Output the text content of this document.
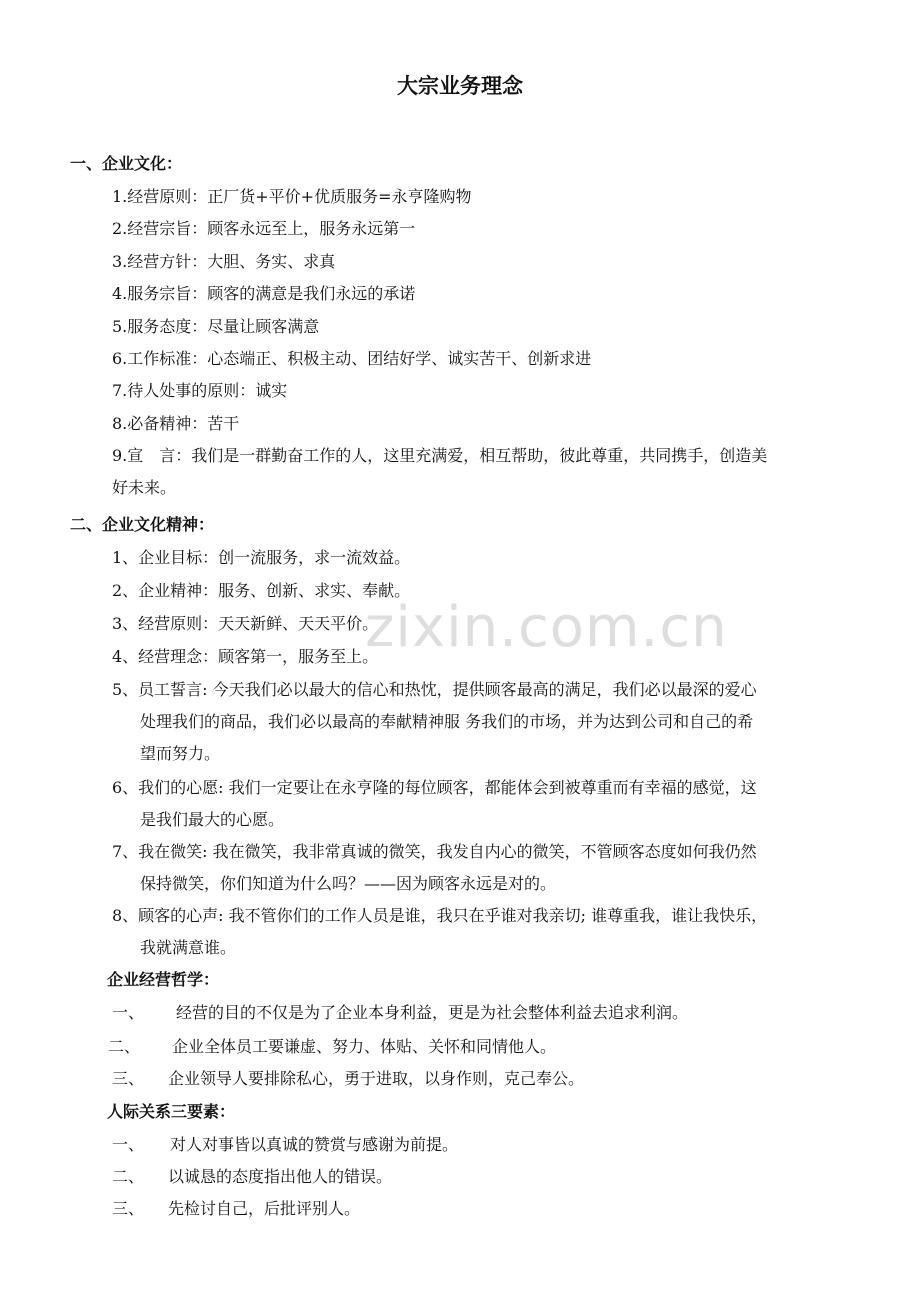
大宗业务理念
一、企业文化：
1.经营原则：正厂货+平价+优质服务=永亨隆购物
2.经营宗旨：顾客永远至上，服务永远第一
3.经营方针：大胆、务实、求真
4.服务宗旨：顾客的满意是我们永远的承诺
5.服务态度：尽量让顾客满意
6.工作标准：心态端正、积极主动、团结好学、诚实苦干、创新求进
7.待人处事的原则：诚实
8.必备精神：苦干
9.宣　言：我们是一群勤奋工作的人，这里充满爱，相互帮助，彼此尊重，共同携手，创造美
好未来。
二、企业文化精神：
1、企业目标：创一流服务，求一流效益。
2、企业精神：服务、创新、求实、奉献。
3、经营原则：天天新鲜、天天平价。
4、经营理念：顾客第一，服务至上。
5、员工誓言: 今天我们必以最大的信心和热忱，提供顾客最高的满足，我们必以最深的爱心
处理我们的商品，我们必以最高的奉献精神服 务我们的市场，并为达到公司和自己的希
望而努力。
6、我们的心愿: 我们一定要让在永亨隆的每位顾客，都能体会到被尊重而有幸福的感觉，这
是我们最大的心愿。
7、我在微笑: 我在微笑，我非常真诚的微笑，我发自内心的微笑，不管顾客态度如何我仍然
保持微笑，你们知道为什么吗？——因为顾客永远是对的。
8、顾客的心声: 我不管你们的工作人员是谁，我只在乎谁对我亲切; 谁尊重我，谁让我快乐，
我就满意谁。
企业经营哲学：
一、 经营的目的不仅是为了企业本身利益，更是为社会整体利益去追求利润。
二、 企业全体员工要谦虚、努力、体贴、关怀和同情他人。
三、 企业领导人要排除私心，勇于进取，以身作则，克己奉公。
人际关系三要素：
一、 对人对事皆以真诚的赞赏与感谢为前提。
二、 以诚恳的态度指出他人的错误。
三、 先检讨自己，后批评别人。
zixin.com.cn
